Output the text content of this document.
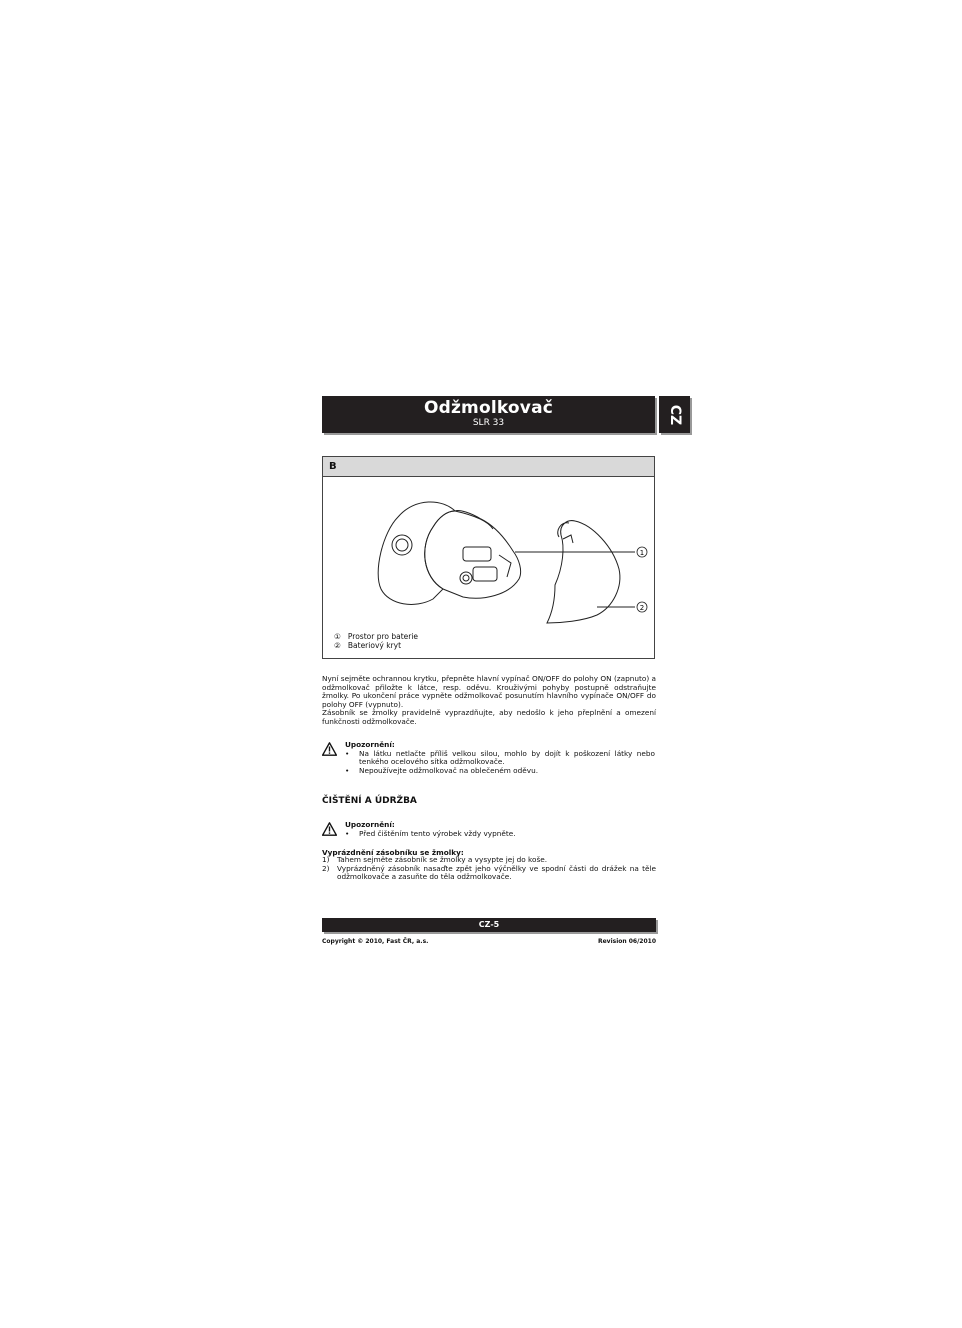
Odžmolkovač
SLR 33	CZ
B
1
2
① Prostor pro baterie
② Bateriový kryt
Nyní sejměte ochrannou krytku, přepněte hlavní vypínač ON/OFF do polohy ON (zapnuto) a odžmolkovač přiložte k látce, resp. oděvu. Krouživými pohyby postupně odstraňujte žmolky. Po ukončení práce vypněte odžmolkovač posunutím hlavního vypínače ON/OFF do polohy OFF (vypnuto).
Zásobník se žmolky pravidelně vyprazdňujte, aby nedošlo k jeho přeplnění a omezení funkčnosti odžmolkovače.
Upozornění:
• Na látku netlačte příliš velkou silou, mohlo by dojít k poškození látky nebo tenkého ocelového sítka odžmolkovače.
• Nepoužívejte odžmolkovač na oblečeném oděvu.
ČIŠTĚNÍ A ÚDRŽBA
Upozornění:
• Před čištěním tento výrobek vždy vypněte.
Vyprázdnění zásobníku se žmolky:
1) Tahem sejměte zásobník se žmolky a vysypte jej do koše.
2) Vyprázdněný zásobník nasaďte zpět jeho výčnělky ve spodní části do drážek na těle odžmolkovače a zasuňte do těla odžmolkovače.
CZ-5
Copyright © 2010, Fast ČR, a.s.	Revision 06/2010
